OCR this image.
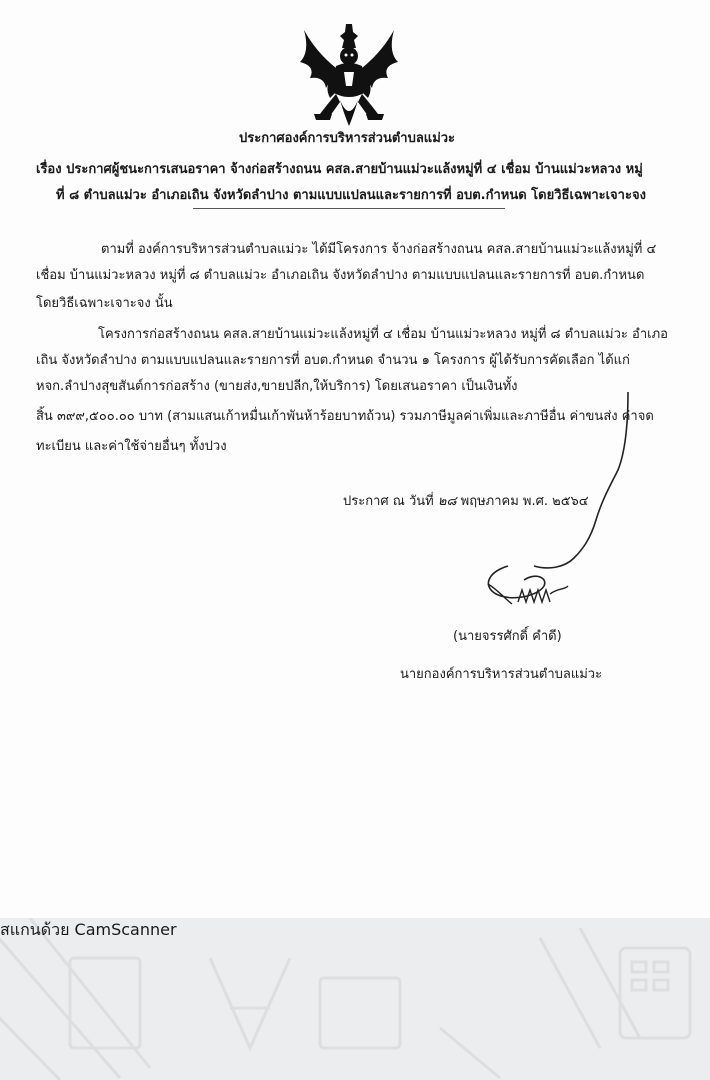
ประกาศองค์การบริหารส่วนตำบลแม่วะ
เรื่อง ประกาศผู้ชนะการเสนอราคา จ้างก่อสร้างถนน คสล.สายบ้านแม่วะแล้งหมู่ที่ ๔ เชื่อม บ้านแม่วะหลวง หมู่
ที่ ๘ ตำบลแม่วะ อำเภอเถิน จังหวัดลำปาง ตามแบบแปลนและรายการที่ อบต.กำหนด โดยวิธีเฉพาะเจาะจง
ตามที่ องค์การบริหารส่วนตำบลแม่วะ ได้มีโครงการ จ้างก่อสร้างถนน คสล.สายบ้านแม่วะแล้งหมู่ที่ ๔
เชื่อม บ้านแม่วะหลวง หมู่ที่ ๘ ตำบลแม่วะ อำเภอเถิน จังหวัดลำปาง ตามแบบแปลนและรายการที่ อบต.กำหนด
โดยวิธีเฉพาะเจาะจง นั้น
โครงการก่อสร้างถนน คสล.สายบ้านแม่วะแล้งหมู่ที่ ๔ เชื่อม บ้านแม่วะหลวง หมู่ที่ ๘ ตำบลแม่วะ อำเภอ
เถิน จังหวัดลำปาง ตามแบบแปลนและรายการที่ อบต.กำหนด จำนวน ๑ โครงการ ผู้ได้รับการคัดเลือก ได้แก่
หจก.ลำปางสุขสันต์การก่อสร้าง (ขายส่ง,ขายปลีก,ให้บริการ) โดยเสนอราคา เป็นเงินทั้ง
สิ้น ๓๙๙,๕๐๐.๐๐ บาท (สามแสนเก้าหมื่นเก้าพันห้าร้อยบาทถ้วน) รวมภาษีมูลค่าเพิ่มและภาษีอื่น ค่าขนส่ง ค่าจด
ทะเบียน และค่าใช้จ่ายอื่นๆ ทั้งปวง
ประกาศ ณ วันที่ ๒๘ พฤษภาคม พ.ศ. ๒๕๖๔
(นายจรรศักดิ์ คำดี)
นายกองค์การบริหารส่วนตำบลแม่วะ
สแกนด้วย CamScanner
